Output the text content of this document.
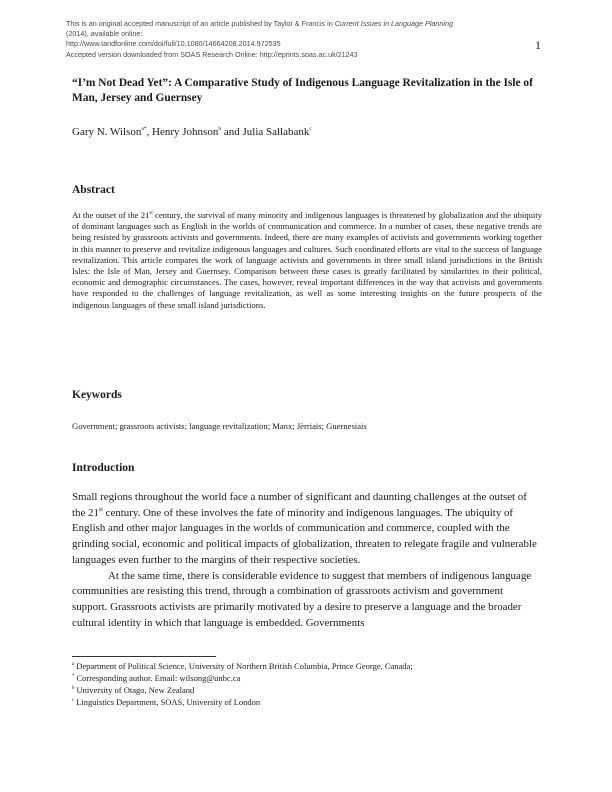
This is an original accepted manuscript of an article published by Taylor & Francis in Current Issues in Language Planning
(2014), available online:
http://www.tandfonline.com/doi/full/10.1080/14664208.2014.972535
Accepted version downloaded from SOAS Research Online: http://eprints.soas.ac.uk/21243
1
“I’m Not Dead Yet”: A Comparative Study of Indigenous Language Revitalization in the Isle of Man, Jersey and Guernsey
Gary N. Wilson$^{a*}$, Henry Johnson$^b$ and Julia Sallabank$^c$
Abstract
At the outset of the 21st century, the survival of many minority and indigenous languages is threatened by globalization and the ubiquity of dominant languages such as English in the worlds of communication and commerce. In a number of cases, these negative trends are being resisted by grassroots activists and governments. Indeed, there are many examples of activists and governments working together in this manner to preserve and revitalize indigenous languages and cultures. Such coordinated efforts are vital to the success of language revitalization. This article compares the work of language activists and governments in three small island jurisdictions in the British Isles: the Isle of Man, Jersey and Guernsey. Comparison between these cases is greatly facilitated by similarities in their political, economic and demographic circumstances. The cases, however, reveal important differences in the way that activists and governments have responded to the challenges of language revitalization, as well as some interesting insights on the future prospects of the indigenous languages of these small island jurisdictions.
Keywords
Government; grassroots activists; language revitalization; Manx; Jèrriais; Guernesiais
Introduction

Small regions throughout the world face a number of significant and daunting challenges at the outset of the 21st century. One of these involves the fate of minority and indigenous languages. The ubiquity of English and other major languages in the worlds of communication and commerce, coupled with the grinding social, economic and political impacts of globalization, threaten to relegate fragile and vulnerable languages even further to the margins of their respective societies.

At the same time, there is considerable evidence to suggest that members of indigenous language communities are resisting this trend, through a combination of grassroots activism and government support. Grassroots activists are primarily motivated by a desire to preserve a language and the broader cultural identity in which that language is embedded. Governments

$^a$ Department of Political Science, University of Northern British Columbia, Prince George, Canada;
* Corresponding author. Email: wilsong@unbc.ca
$^b$ University of Otago, New Zealand
$^c$ Linguistics Department, SOAS, University of London
